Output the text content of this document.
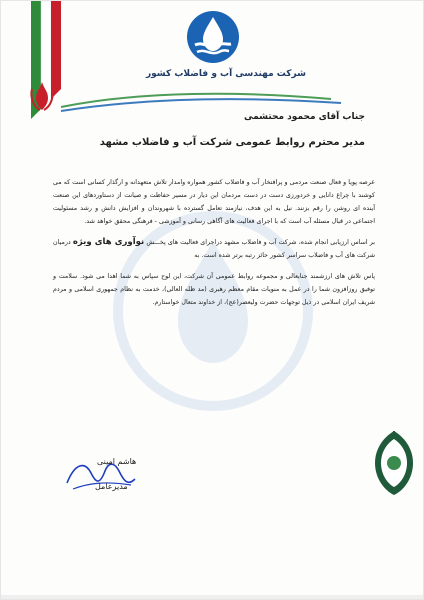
شرکت مهندسی آب و فاضلاب کشور
جناب آقای محمود محتشمی
مدیر محترم روابط عمومی شرکت آب و فاضلاب مشهد

عرصه پویا و فعال صنعت مردمی و پرافتخار آب و فاضلاب کشور همواره وامدار تلاش متعهدانه و ارگذار کسانی است که می کوشند با چراغ دانایی و خردورزی دست در دست مردمان این دیار در مسیر حفاظت و صیانت از دستاوردهای این صنعت آینده ای روشن را رقم بزنند. نیل به این هدف، نیازمند تعامل گسترده با شهروندان و افزایش دانش و رشد مسئولیت اجتماعی در قبال مسئله آب است که با اجرای فعالیت های آگاهی رسانی و آموزشی - فرهنگی محقق خواهد شد.

بر اساس ارزیابی انجام شده، شرکت آب و فاضلاب مشهد دراجرای فعالیت های پخـــش نوآوری های ویژه درمیان شرکت های آب و فاضلاب سراسر کشور حائز رتبه برتر شده است. به

پاس تلاش های ارزشمند جنابعالی و مجموعه روابط عمومی آن شرکت، این لوح سپاس به شما اهدا می شود. سلامت و توفیق روزافزون شما را در عمل به منویات مقام معظم رهبری (مد ظله العالی)، خدمت به نظام جمهوری اسلامی و مردم شریف ایران اسلامی در ذیل توجهات حضرت ولیعصر(عج)، از خداوند متعال خواستارم.

هاشم امینی
مدیرعامل
